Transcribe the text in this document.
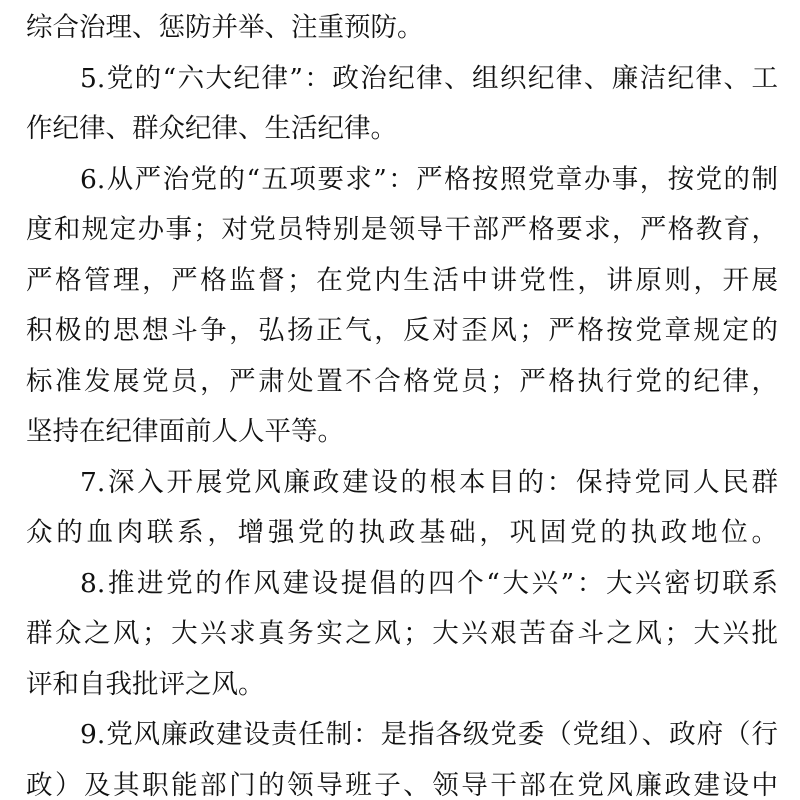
综合治理、惩防并举、注重预防。
5.党的“六大纪律”：政治纪律、组织纪律、廉洁纪律、工
作纪律、群众纪律、生活纪律。
6.从严治党的“五项要求”：严格按照党章办事，按党的制
度和规定办事；对党员特别是领导干部严格要求，严格教育，
严格管理，严格监督；在党内生活中讲党性，讲原则，开展
积极的思想斗争，弘扬正气，反对歪风；严格按党章规定的
标准发展党员，严肃处置不合格党员；严格执行党的纪律，
坚持在纪律面前人人平等。
7.深入开展党风廉政建设的根本目的：保持党同人民群
众的血肉联系，增强党的执政基础，巩固党的执政地位。
8.推进党的作风建设提倡的四个“大兴”：大兴密切联系
群众之风；大兴求真务实之风；大兴艰苦奋斗之风；大兴批
评和自我批评之风。
9.党风廉政建设责任制：是指各级党委（党组）、政府（行
政）及其职能部门的领导班子、领导干部在党风廉政建设中
